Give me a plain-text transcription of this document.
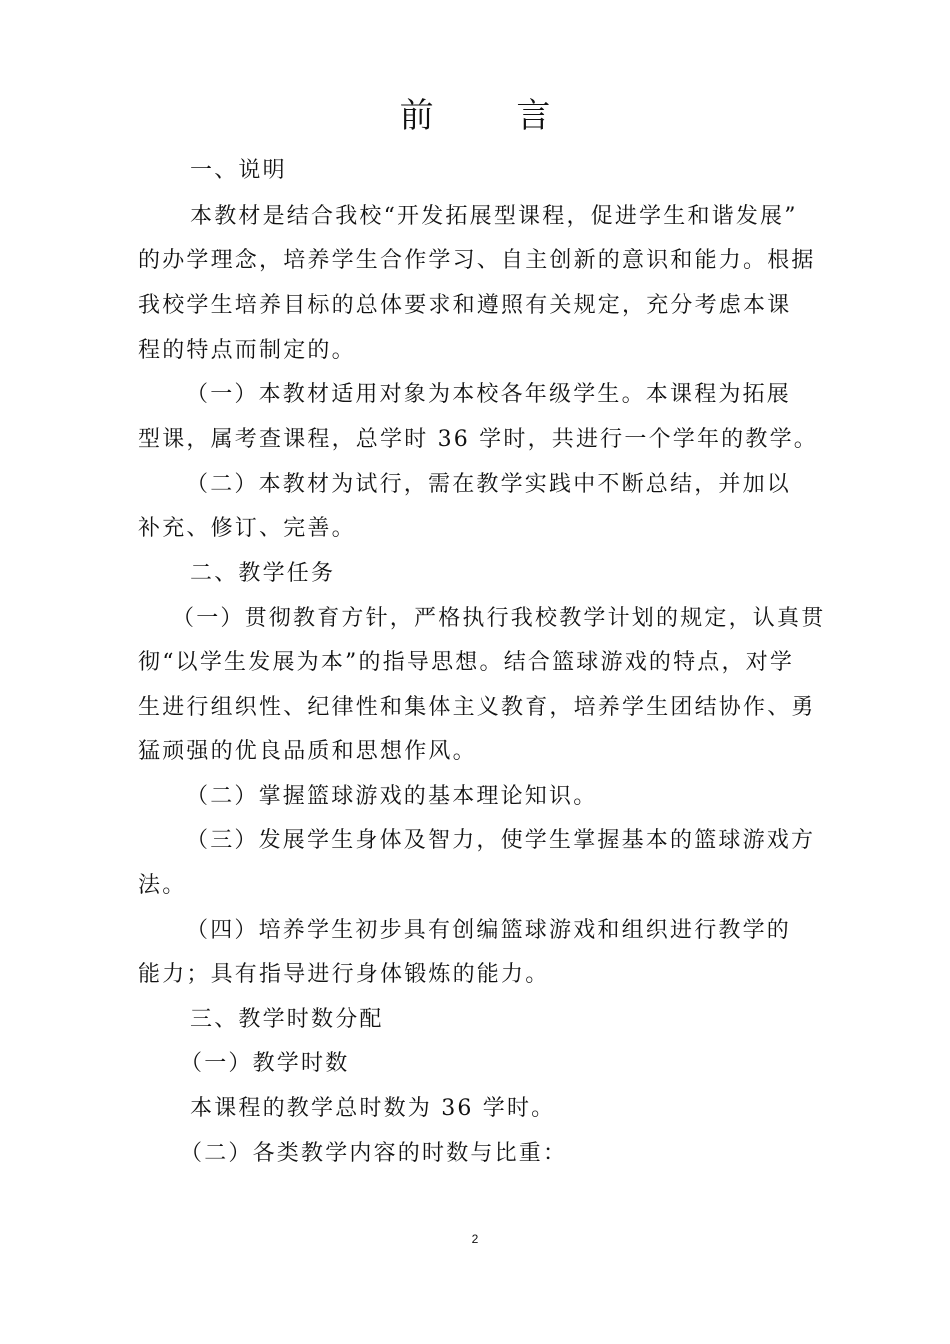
前 言
一、说明
本教材是结合我校“开发拓展型课程，促进学生和谐发展”
的办学理念，培养学生合作学习、自主创新的意识和能力。根据
我校学生培养目标的总体要求和遵照有关规定，充分考虑本课
程的特点而制定的。
（一）本教材适用对象为本校各年级学生。本课程为拓展
型课，属考查课程，总学时 36 学时，共进行一个学年的教学。
（二）本教材为试行，需在教学实践中不断总结，并加以
补充、修订、完善。
二、教学任务
（一）贯彻教育方针，严格执行我校教学计划的规定，认真贯
彻“以学生发展为本”的指导思想。结合篮球游戏的特点，对学
生进行组织性、纪律性和集体主义教育，培养学生团结协作、勇
猛顽强的优良品质和思想作风。
（二）掌握篮球游戏的基本理论知识。
（三）发展学生身体及智力，使学生掌握基本的篮球游戏方
法。
（四）培养学生初步具有创编篮球游戏和组织进行教学的
能力；具有指导进行身体锻炼的能力。
三、教学时数分配
（一）教学时数
本课程的教学总时数为 36 学时。
（二）各类教学内容的时数与比重：
2
